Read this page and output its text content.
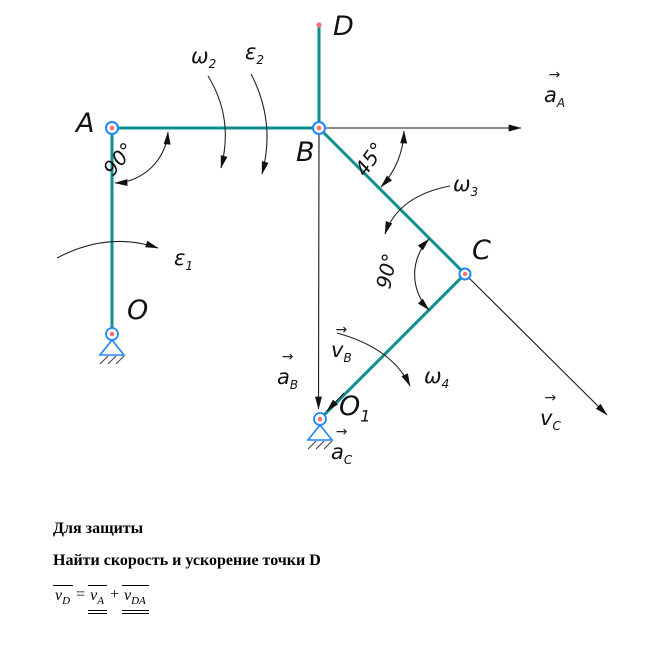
A
B
C
D
O
$O_1$
90°	45°
90°
$\omega_2$
$\varepsilon_2$
$\varepsilon_1$
$\omega_3$
$\omega_4$
→
$a_A$
→
$a_B$
→
$v_B$
→
$a_C$
→
$v_C$
Для защиты
Найти скорость и ускорение точки D
$v_D = v_A + v_{DA}$
